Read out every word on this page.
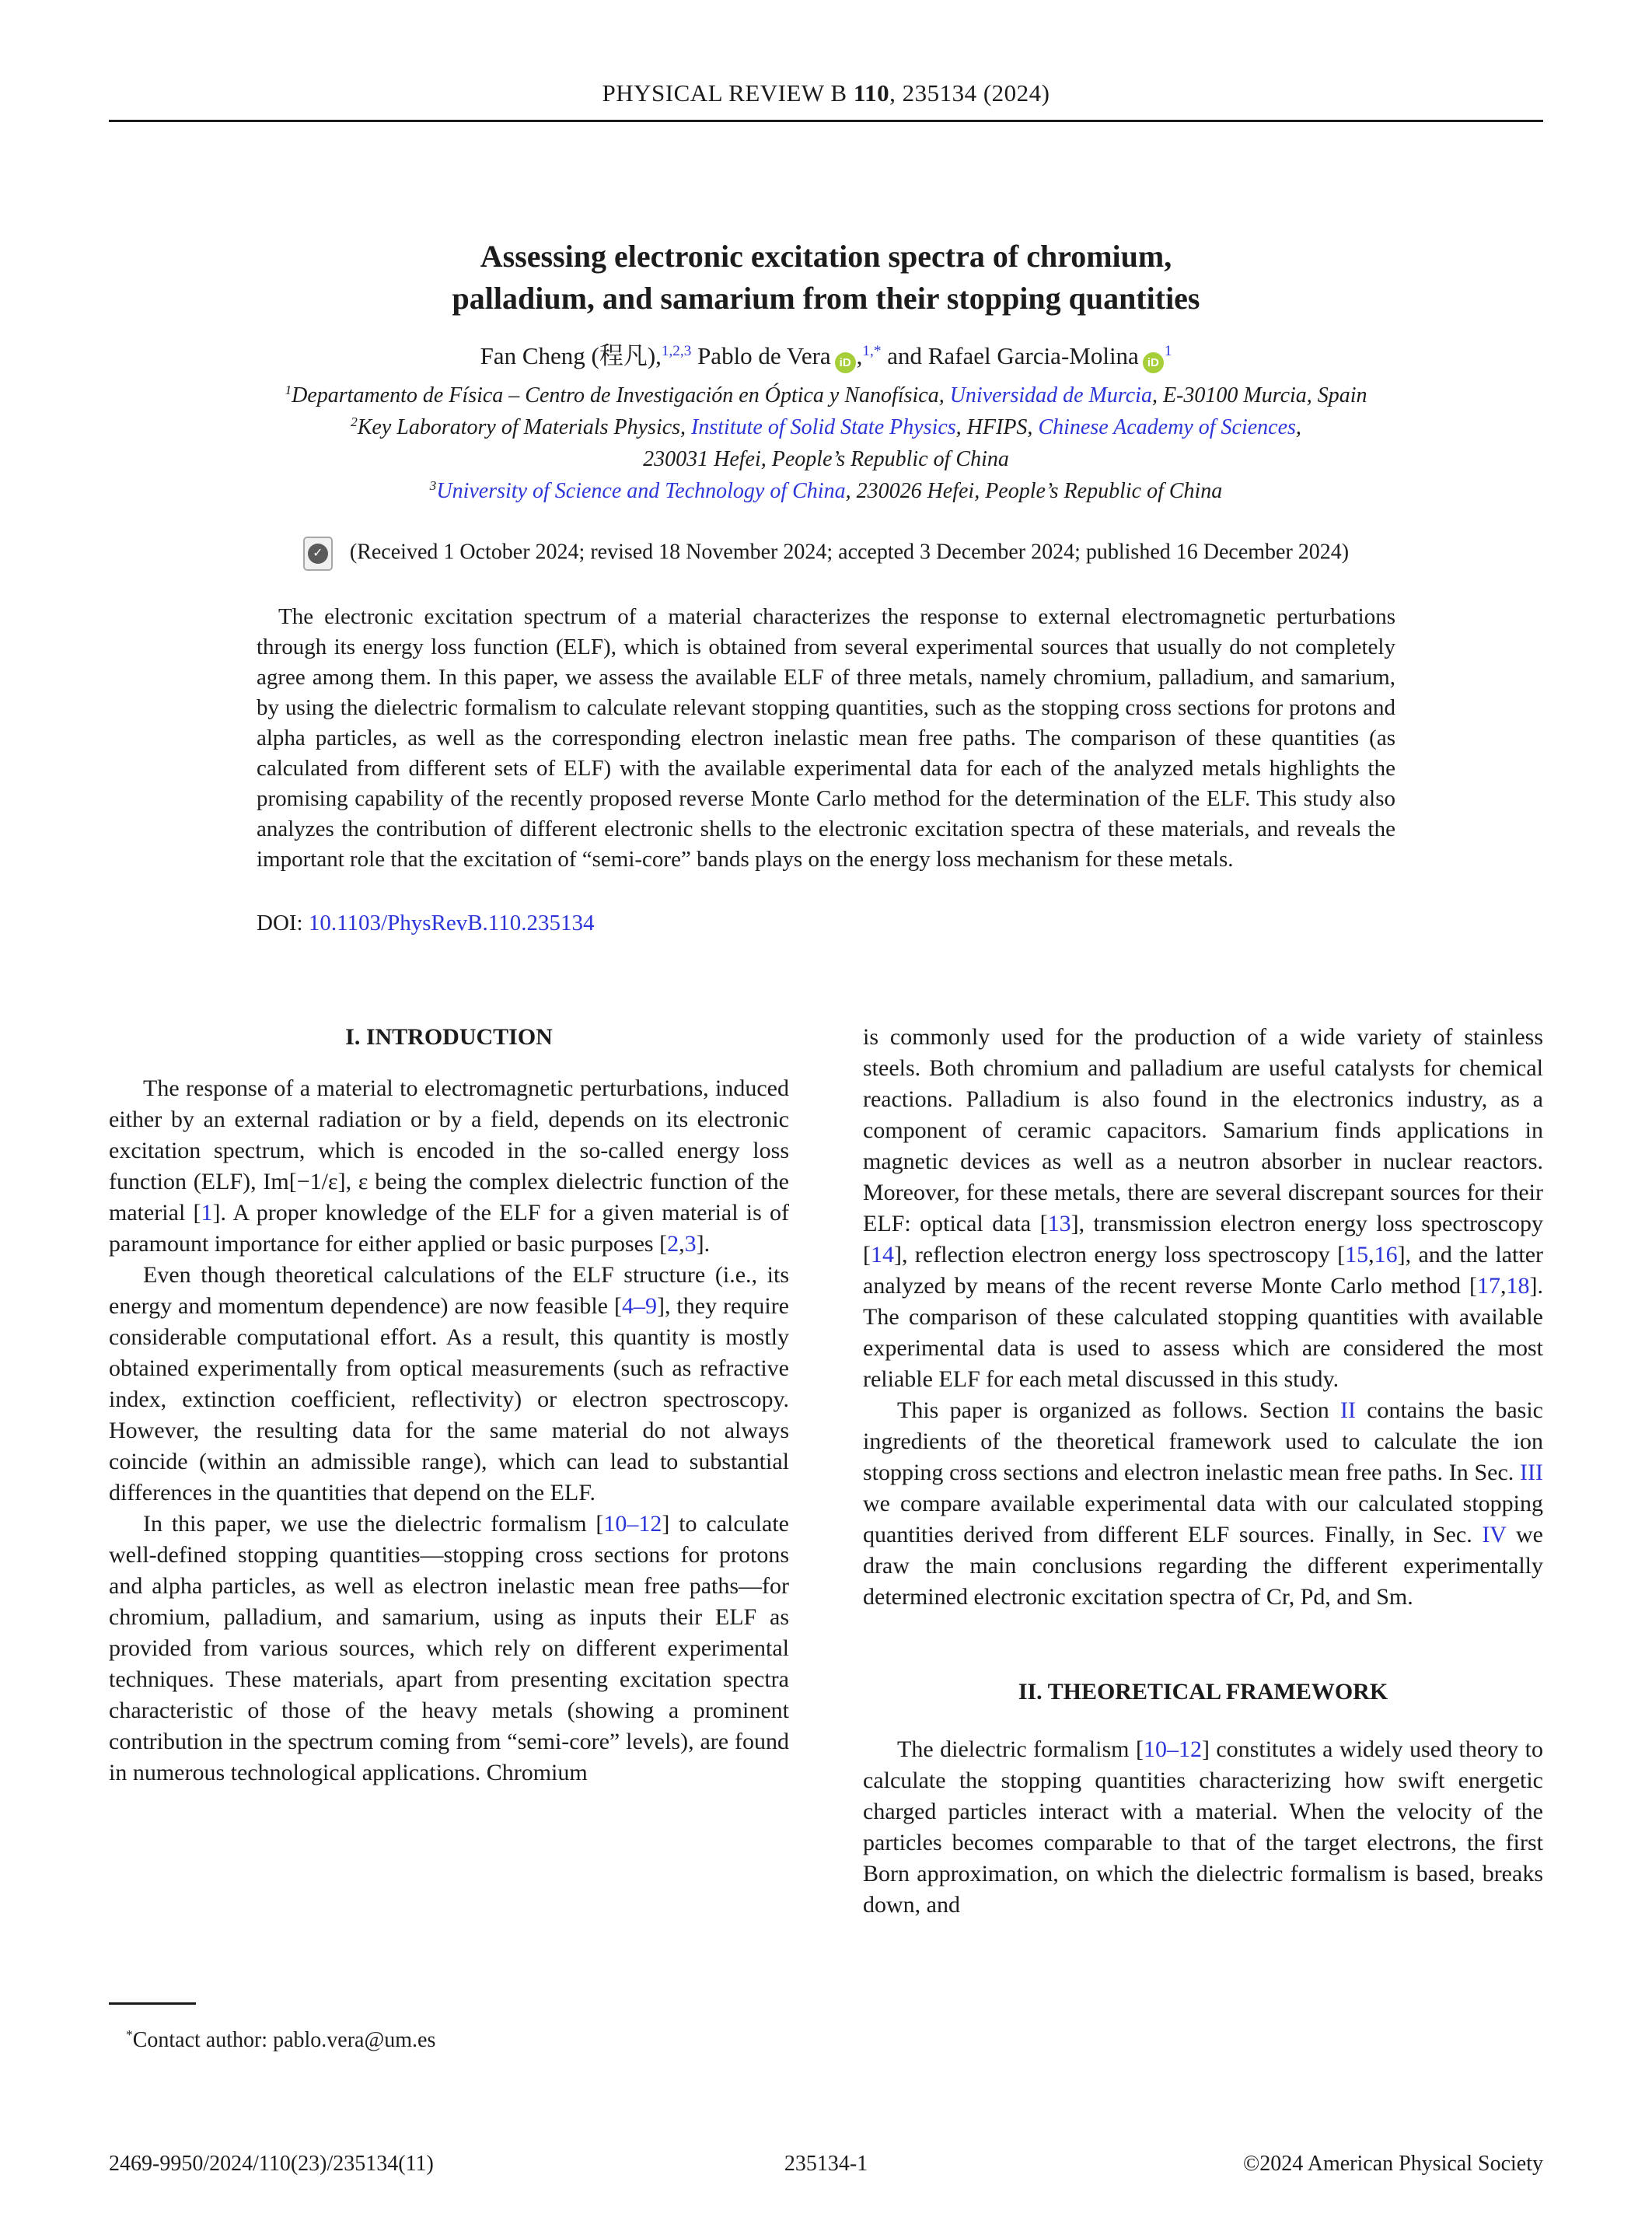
PHYSICAL REVIEW B 110, 235134 (2024)
Assessing electronic excitation spectra of chromium,
palladium, and samarium from their stopping quantities
Fan Cheng (程凡),$^{1,2,3}$ Pablo de Vera iD ,$^{1,*}$ and Rafael Garcia-Molina $iD^1$
$^1$Departamento de Física – Centro de Investigación en Óptica y Nanofísica, Universidad de Murcia, E-30100 Murcia, Spain
$^2$Key Laboratory of Materials Physics, Institute of Solid State Physics, HFIPS, Chinese Academy of Sciences,
230031 Hefei, People’s Republic of China
$^3$University of Science and Technology of China, 230026 Hefei, People’s Republic of China
✓ (Received 1 October 2024; revised 18 November 2024; accepted 3 December 2024; published 16 December 2024)
The electronic excitation spectrum of a material characterizes the response to external electromagnetic perturbations through its energy loss function (ELF), which is obtained from several experimental sources that usually do not completely agree among them. In this paper, we assess the available ELF of three metals, namely chromium, palladium, and samarium, by using the dielectric formalism to calculate relevant stopping quantities, such as the stopping cross sections for protons and alpha particles, as well as the corresponding electron inelastic mean free paths. The comparison of these quantities (as calculated from different sets of ELF) with the available experimental data for each of the analyzed metals highlights the promising capability of the recently proposed reverse Monte Carlo method for the determination of the ELF. This study also analyzes the contribution of different electronic shells to the electronic excitation spectra of these materials, and reveals the important role that the excitation of “semi-core” bands plays on the energy loss mechanism for these metals.
DOI: 10.1103/PhysRevB.110.235134
I. INTRODUCTION

The response of a material to electromagnetic perturbations, induced either by an external radiation or by a field, depends on its electronic excitation spectrum, which is encoded in the so-called energy loss function (ELF), Im[−1/ε], ε being the complex dielectric function of the material [1]. A proper knowledge of the ELF for a given material is of paramount importance for either applied or basic purposes [2,3].

Even though theoretical calculations of the ELF structure (i.e., its energy and momentum dependence) are now feasible [4–9], they require considerable computational effort. As a result, this quantity is mostly obtained experimentally from optical measurements (such as refractive index, extinction coefficient, reflectivity) or electron spectroscopy. However, the resulting data for the same material do not always coincide (within an admissible range), which can lead to substantial differences in the quantities that depend on the ELF.

In this paper, we use the dielectric formalism [10–12] to calculate well-defined stopping quantities—stopping cross sections for protons and alpha particles, as well as electron inelastic mean free paths—for chromium, palladium, and samarium, using as inputs their ELF as provided from various sources, which rely on different experimental techniques. These materials, apart from presenting excitation spectra characteristic of those of the heavy metals (showing a prominent contribution in the spectrum coming from “semi-core” levels), are found in numerous technological applications. Chromium

*Contact author: pablo.vera@um.es

is commonly used for the production of a wide variety of stainless steels. Both chromium and palladium are useful catalysts for chemical reactions. Palladium is also found in the electronics industry, as a component of ceramic capacitors. Samarium finds applications in magnetic devices as well as a neutron absorber in nuclear reactors. Moreover, for these metals, there are several discrepant sources for their ELF: optical data [13], transmission electron energy loss spectroscopy [14], reflection electron energy loss spectroscopy [15,16], and the latter analyzed by means of the recent reverse Monte Carlo method [17,18]. The comparison of these calculated stopping quantities with available experimental data is used to assess which are considered the most reliable ELF for each metal discussed in this study.

This paper is organized as follows. Section II contains the basic ingredients of the theoretical framework used to calculate the ion stopping cross sections and electron inelastic mean free paths. In Sec. III we compare available experimental data with our calculated stopping quantities derived from different ELF sources. Finally, in Sec. IV we draw the main conclusions regarding the different experimentally determined electronic excitation spectra of Cr, Pd, and Sm.

II. THEORETICAL FRAMEWORK

The dielectric formalism [10–12] constitutes a widely used theory to calculate the stopping quantities characterizing how swift energetic charged particles interact with a material. When the velocity of the particles becomes comparable to that of the target electrons, the first Born approximation, on which the dielectric formalism is based, breaks down, and

2469-9950/2024/110(23)/235134(11)	235134-1	©2024 American Physical Society
